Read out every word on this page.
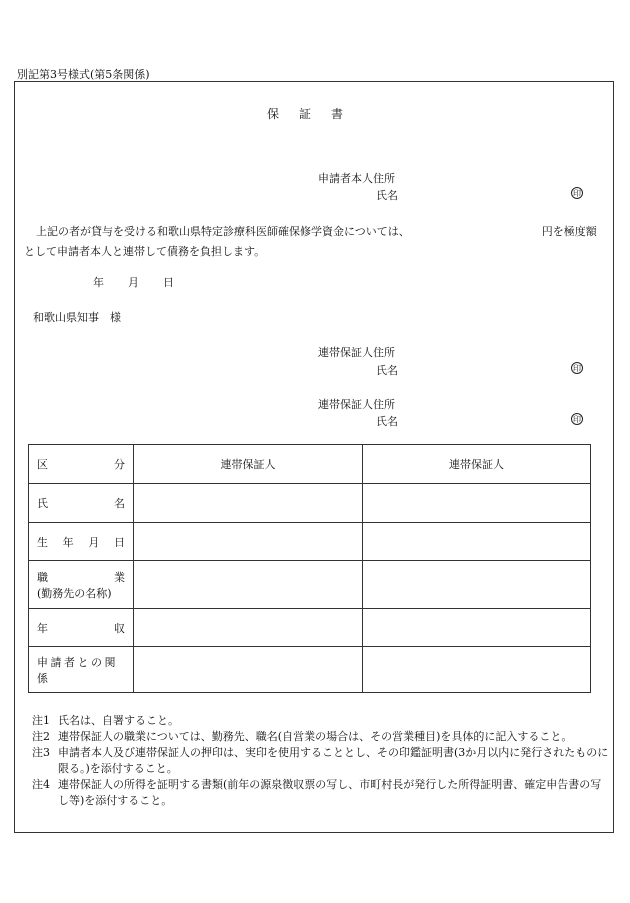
別記第3号様式(第5条関係)
保証書
申請者本人住所
氏名	印
上記の者が貸与を受ける和歌山県特定診療科医師確保修学資金については、	円を極度額として申請者本人と連帯して債務を負担します。
年 月 日
和歌山県知事　様
連帯保証人住所
氏名	印
連帯保証人住所
氏名	印
区 分	連帯保証人	連帯保証人

氏 名		

生 年 月 日		

職 業
(勤務先の名称)		

年 収		

申請者との関係		
注1 氏名は、自署すること。
注2 連帯保証人の職業については、勤務先、職名(自営業の場合は、その営業種目)を具体的に記入すること。
注3 申請者本人及び連帯保証人の押印は、実印を使用することとし、その印鑑証明書(3か月以内に発行されたものに限る。)を添付すること。
注4 連帯保証人の所得を証明する書類(前年の源泉徴収票の写し、市町村長が発行した所得証明書、確定申告書の写し等)を添付すること。
